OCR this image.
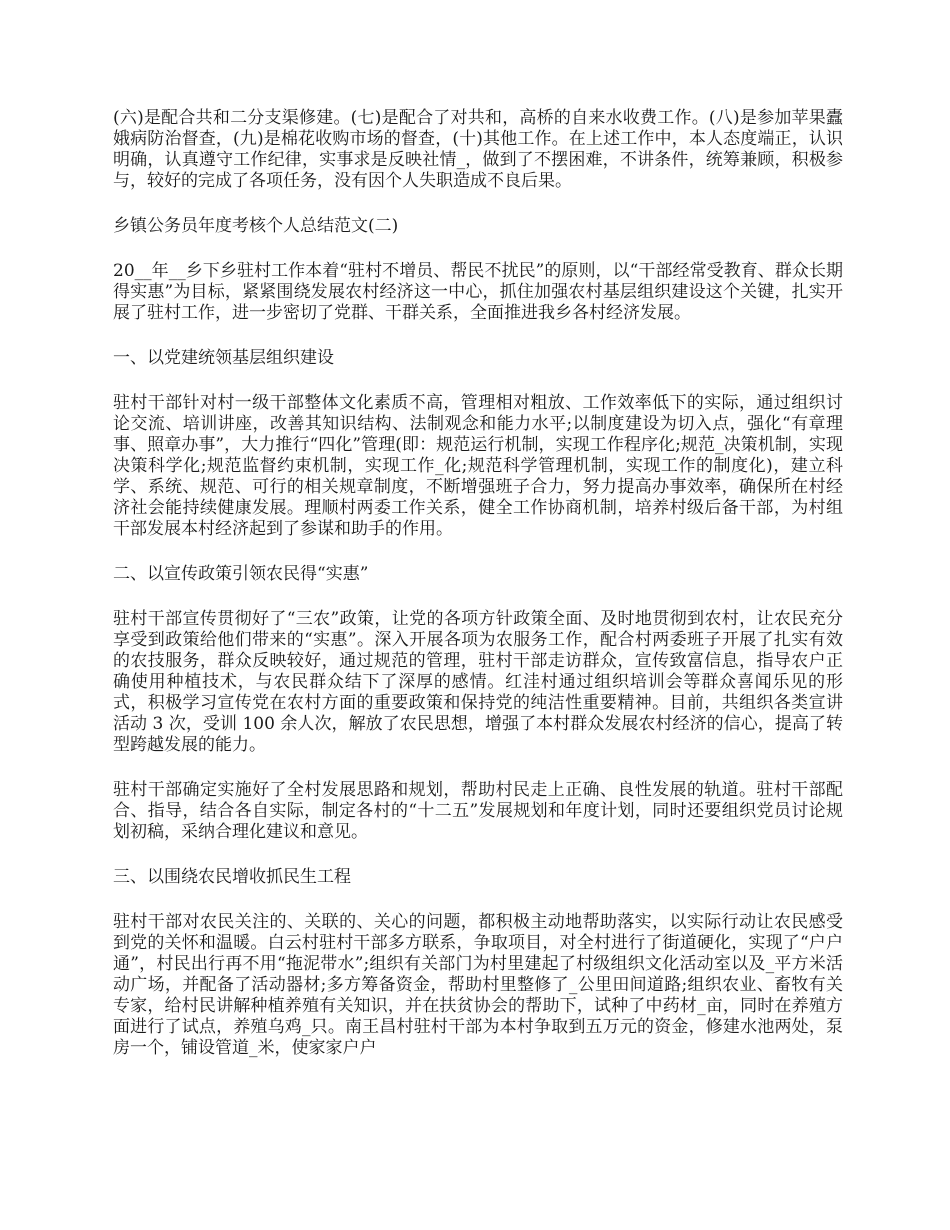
(六)是配合共和二分支渠修建。(七)是配合了对共和，高桥的自来水收费工作。(八)是参加苹果蠹娥病防治督查，(九)是棉花收购市场的督查，(十)其他工作。在上述工作中，本人态度端正，认识明确，认真遵守工作纪律，实事求是反映社情_，做到了不摆困难，不讲条件，统筹兼顾，积极参与，较好的完成了各项任务，没有因个人失职造成不良后果。

乡镇公务员年度考核个人总结范文(二)

20__年__乡下乡驻村工作本着“驻村不增员、帮民不扰民”的原则，以“干部经常受教育、群众长期得实惠”为目标，紧紧围绕发展农村经济这一中心，抓住加强农村基层组织建设这个关键，扎实开展了驻村工作，进一步密切了党群、干群关系，全面推进我乡各村经济发展。

一、以党建统领基层组织建设

驻村干部针对村一级干部整体文化素质不高，管理相对粗放、工作效率低下的实际，通过组织讨论交流、培训讲座，改善其知识结构、法制观念和能力水平;以制度建设为切入点，强化“有章理事、照章办事”，大力推行“四化”管理(即：规范运行机制，实现工作程序化;规范_决策机制，实现决策科学化;规范监督约束机制，实现工作_化;规范科学管理机制，实现工作的制度化)，建立科学、系统、规范、可行的相关规章制度，不断增强班子合力，努力提高办事效率，确保所在村经济社会能持续健康发展。理顺村两委工作关系，健全工作协商机制，培养村级后备干部，为村组干部发展本村经济起到了参谋和助手的作用。

二、以宣传政策引领农民得“实惠”

驻村干部宣传贯彻好了“三农”政策，让党的各项方针政策全面、及时地贯彻到农村，让农民充分享受到政策给他们带来的“实惠”。深入开展各项为农服务工作，配合村两委班子开展了扎实有效的农技服务，群众反映较好，通过规范的管理，驻村干部走访群众，宣传致富信息，指导农户正确使用种植技术，与农民群众结下了深厚的感情。红洼村通过组织培训会等群众喜闻乐见的形式，积极学习宣传党在农村方面的重要政策和保持党的纯洁性重要精神。目前，共组织各类宣讲活动 3 次，受训 100 余人次，解放了农民思想，增强了本村群众发展农村经济的信心，提高了转型跨越发展的能力。

驻村干部确定实施好了全村发展思路和规划，帮助村民走上正确、良性发展的轨道。驻村干部配合、指导，结合各自实际，制定各村的“十二五”发展规划和年度计划，同时还要组织党员讨论规划初稿，采纳合理化建议和意见。

三、以围绕农民增收抓民生工程

驻村干部对农民关注的、关联的、关心的问题，都积极主动地帮助落实，以实际行动让农民感受到党的关怀和温暖。白云村驻村干部多方联系，争取项目，对全村进行了街道硬化，实现了“户户通”，村民出行再不用“拖泥带水”;组织有关部门为村里建起了村级组织文化活动室以及_平方米活动广场，并配备了活动器材;多方筹备资金，帮助村里整修了_公里田间道路;组织农业、畜牧有关专家，给村民讲解种植养殖有关知识，并在扶贫协会的帮助下，试种了中药材_亩，同时在养殖方面进行了试点，养殖乌鸡_只。南王昌村驻村干部为本村争取到五万元的资金，修建水池两处，泵房一个，铺设管道_米，使家家户户
